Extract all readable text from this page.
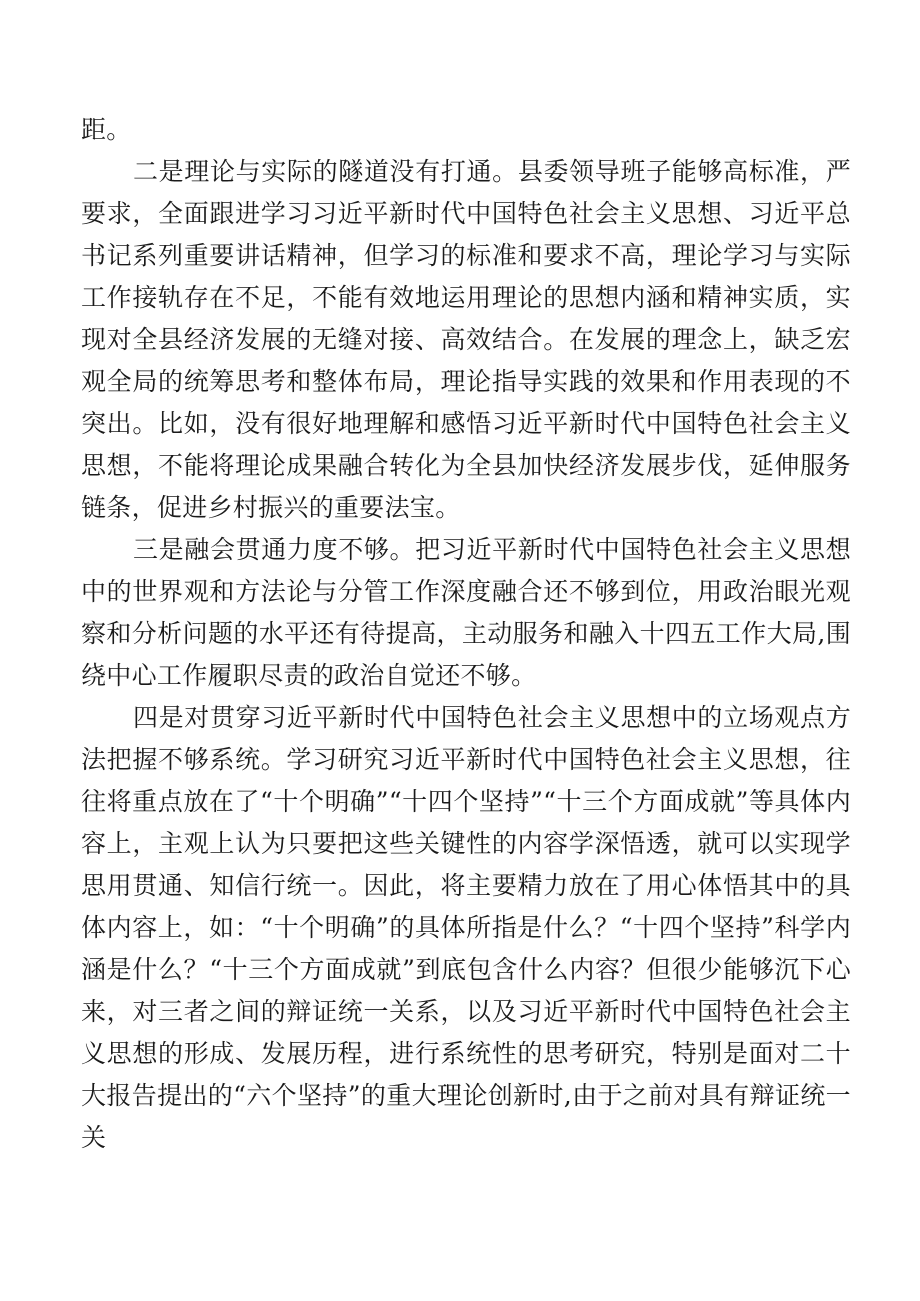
距。

二是理论与实际的隧道没有打通。县委领导班子能够高标准，严要求，全面跟进学习习近平新时代中国特色社会主义思想、习近平总书记系列重要讲话精神，但学习的标准和要求不高，理论学习与实际工作接轨存在不足，不能有效地运用理论的思想内涵和精神实质，实现对全县经济发展的无缝对接、高效结合。在发展的理念上，缺乏宏观全局的统筹思考和整体布局，理论指导实践的效果和作用表现的不突出。比如，没有很好地理解和感悟习近平新时代中国特色社会主义思想，不能将理论成果融合转化为全县加快经济发展步伐，延伸服务链条，促进乡村振兴的重要法宝。

三是融会贯通力度不够。把习近平新时代中国特色社会主义思想中的世界观和方法论与分管工作深度融合还不够到位，用政治眼光观察和分析问题的水平还有待提高，主动服务和融入十四五工作大局,围绕中心工作履职尽责的政治自觉还不够。

四是对贯穿习近平新时代中国特色社会主义思想中的立场观点方法把握不够系统。学习研究习近平新时代中国特色社会主义思想，往往将重点放在了“十个明确”“十四个坚持”“十三个方面成就”等具体内容上，主观上认为只要把这些关键性的内容学深悟透，就可以实现学思用贯通、知信行统一。因此，将主要精力放在了用心体悟其中的具体内容上，如：“十个明确”的具体所指是什么？“十四个坚持”科学内涵是什么？“十三个方面成就”到底包含什么内容？但很少能够沉下心来，对三者之间的辩证统一关系，以及习近平新时代中国特色社会主义思想的形成、发展历程，进行系统性的思考研究，特别是面对二十大报告提出的“六个坚持”的重大理论创新时,由于之前对具有辩证统一关
